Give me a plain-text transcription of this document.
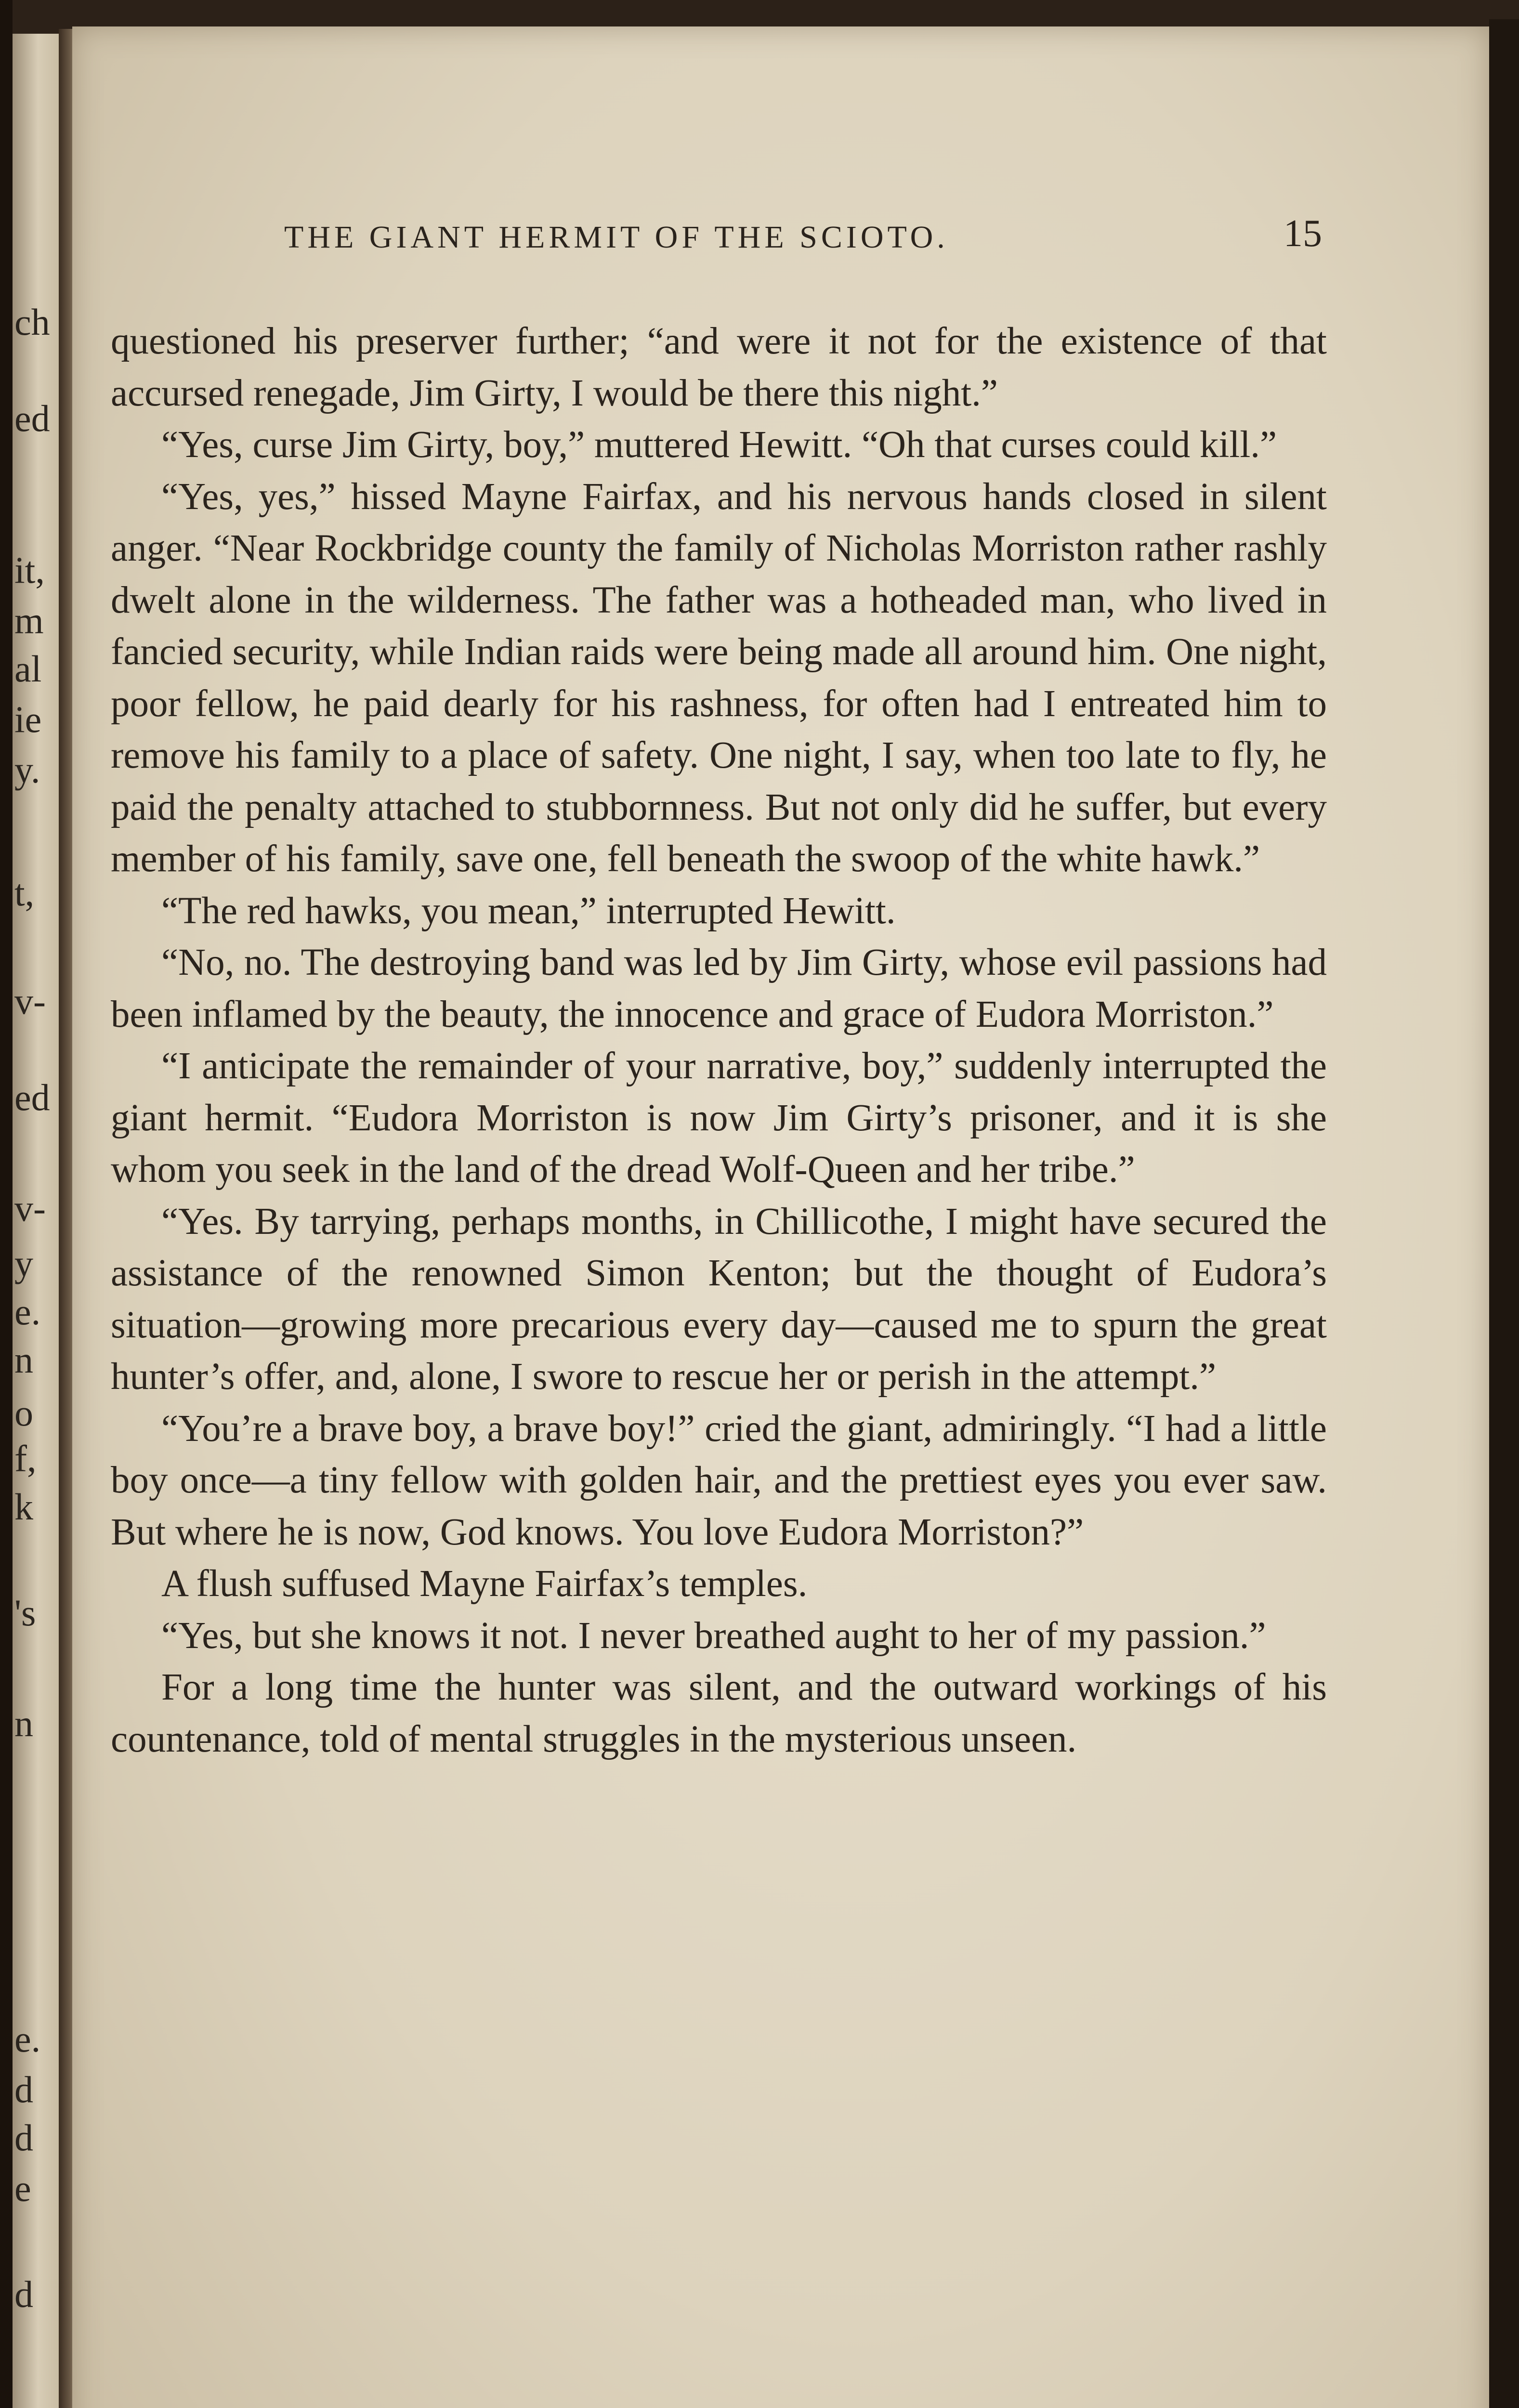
ch
ed
it,
m
al
ie
y.
t,
v-
ed
v-
y
e.
n
o
f,
k
's
n
e.
d
d
e
d
THE GIANT HERMIT OF THE SCIOTO.	15

questioned his preserver further; “and were it not for the existence of that accursed renegade, Jim Girty, I would be there this night.”

“Yes, curse Jim Girty, boy,” muttered Hewitt. “Oh that curses could kill.”

“Yes, yes,” hissed Mayne Fairfax, and his nervous hands closed in silent anger. “Near Rockbridge county the family of Nicholas Morriston rather rashly dwelt alone in the wilderness. The father was a hotheaded man, who lived in fancied security, while Indian raids were being made all around him. One night, poor fellow, he paid dearly for his rashness, for often had I entreated him to remove his family to a place of safety. One night, I say, when too late to fly, he paid the penalty attached to stubbornness. But not only did he suffer, but every member of his family, save one, fell beneath the swoop of the white hawk.”

“The red hawks, you mean,” interrupted Hewitt.

“No, no. The destroying band was led by Jim Girty, whose evil passions had been inflamed by the beauty, the innocence and grace of Eudora Morriston.”

“I anticipate the remainder of your narrative, boy,” suddenly interrupted the giant hermit. “Eudora Morriston is now Jim Girty’s prisoner, and it is she whom you seek in the land of the dread Wolf-Queen and her tribe.”

“Yes. By tarrying, perhaps months, in Chillicothe, I might have secured the assistance of the renowned Simon Kenton; but the thought of Eudora’s situation—growing more precarious every day—caused me to spurn the great hunter’s offer, and, alone, I swore to rescue her or perish in the attempt.”

“You’re a brave boy, a brave boy!” cried the giant, admiringly. “I had a little boy once—a tiny fellow with golden hair, and the prettiest eyes you ever saw. But where he is now, God knows. You love Eudora Morriston?”

A flush suffused Mayne Fairfax’s temples.

“Yes, but she knows it not. I never breathed aught to her of my passion.”

For a long time the hunter was silent, and the outward workings of his countenance, told of mental struggles in the mysterious unseen.
